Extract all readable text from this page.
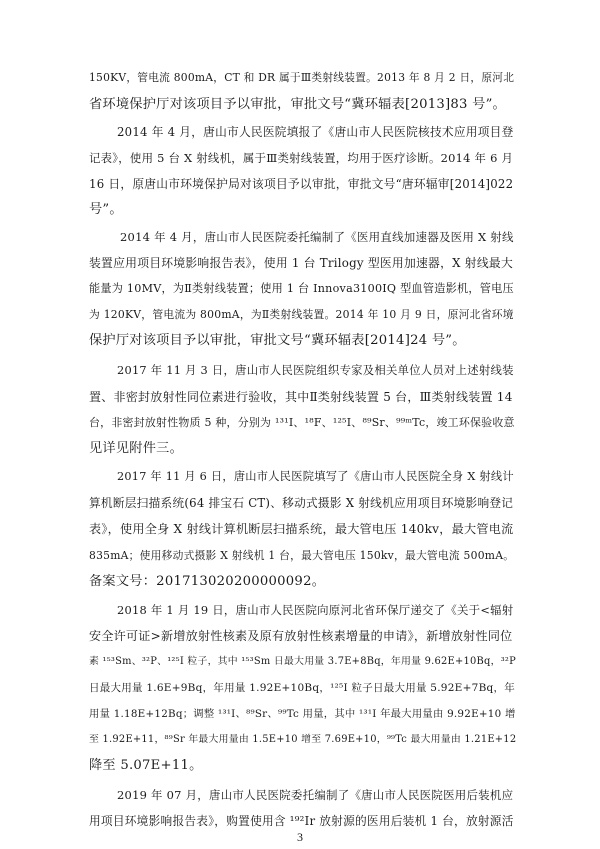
150KV，管电流 800mA，CT 和 DR 属于Ⅲ类射线装置。2013 年 8 月 2 日，原河北
省环境保护厅对该项目予以审批，审批文号“冀环辐表[2013]83 号”。
2014 年 4 月，唐山市人民医院填报了《唐山市人民医院核技术应用项目登
记表》，使用 5 台 X 射线机，属于Ⅲ类射线装置，均用于医疗诊断。2014 年 6 月
16 日，原唐山市环境保护局对该项目予以审批，审批文号“唐环辐审[2014]022
号”。
2014 年 4 月，唐山市人民医院委托编制了《医用直线加速器及医用 X 射线
装置应用项目环境影响报告表》，使用 1 台 Trilogy 型医用加速器，X 射线最大
能量为 10MV，为Ⅱ类射线装置；使用 1 台 Innova3100IQ 型血管造影机，管电压
为 120KV，管电流为 800mA，为Ⅱ类射线装置。2014 年 10 月 9 日，原河北省环境
保护厅对该项目予以审批，审批文号“冀环辐表[2014]24 号”。
2017 年 11 月 3 日，唐山市人民医院组织专家及相关单位人员对上述射线装
置、非密封放射性同位素进行验收，其中Ⅱ类射线装置 5 台，Ⅲ类射线装置 14
台，非密封放射性物质 5 种，分别为 ¹³¹I、¹⁸F、¹²⁵I、⁸⁹Sr、⁹⁹ᵐTc，竣工环保验收意
见详见附件三。
2017 年 11 月 6 日，唐山市人民医院填写了《唐山市人民医院全身 X 射线计
算机断层扫描系统(64 排宝石 CT)、移动式摄影 X 射线机应用项目环境影响登记
表》，使用全身 X 射线计算机断层扫描系统，最大管电压 140kv，最大管电流
835mA；使用移动式摄影 X 射线机 1 台，最大管电压 150kv，最大管电流 500mA。
备案文号：201713020200000092。
2018 年 1 月 19 日，唐山市人民医院向原河北省环保厅递交了《关于<辐射
安全许可证>新增放射性核素及原有放射性核素增量的申请》，新增放射性同位
素 ¹⁵³Sm、³²P、¹²⁵I 粒子，其中 ¹⁵³Sm 日最大用量 3.7E+8Bq，年用量 9.62E+10Bq，³²P
日最大用量 1.6E+9Bq，年用量 1.92E+10Bq，¹²⁵I 粒子日最大用量 5.92E+7Bq，年
用量 1.18E+12Bq；调整 ¹³¹I、⁸⁹Sr、⁹⁹Tc 用量，其中 ¹³¹I 年最大用量由 9.92E+10 增
至 1.92E+11，⁸⁹Sr 年最大用量由 1.5E+10 增至 7.69E+10，⁹⁹Tc 最大用量由 1.21E+12
降至 5.07E+11。
2019 年 07 月，唐山市人民医院委托编制了《唐山市人民医院医用后装机应
用项目环境影响报告表》，购置使用含 ¹⁹²Ir 放射源的医用后装机 1 台，放射源活
3
